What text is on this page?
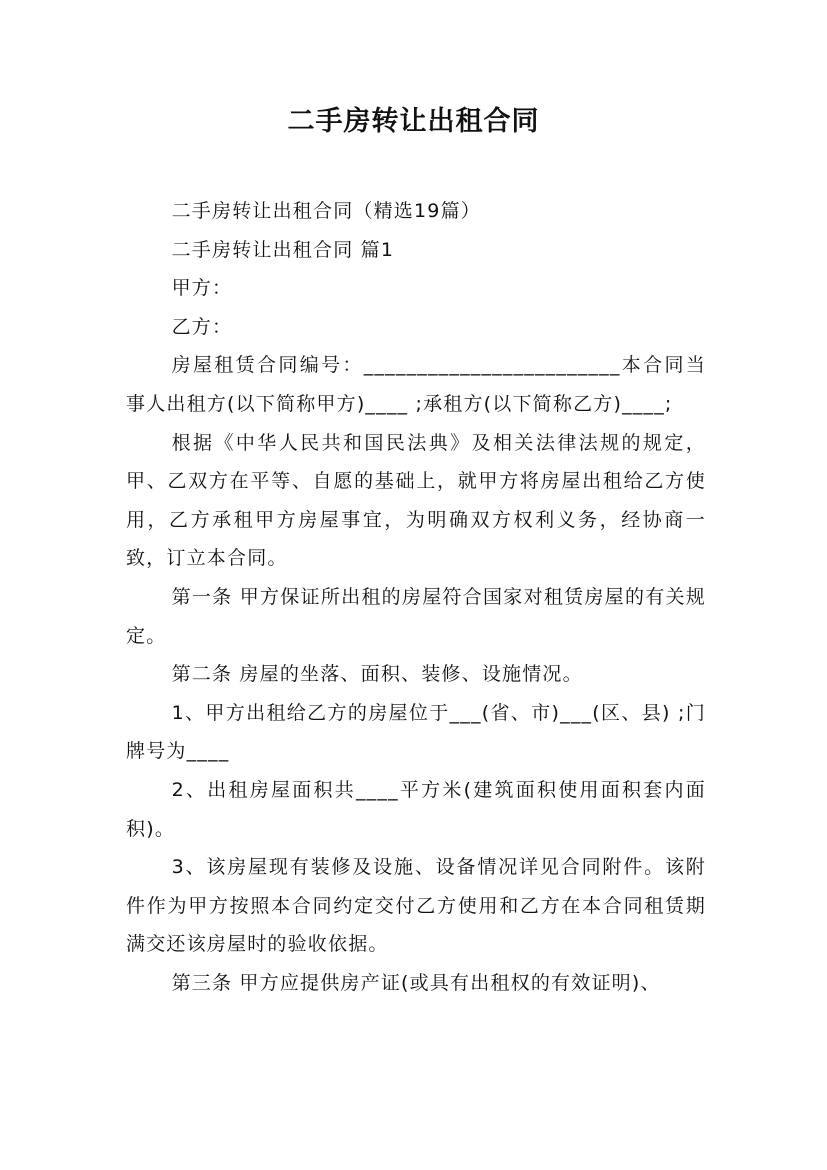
二手房转让出租合同

二手房转让出租合同（精选19篇）

二手房转让出租合同 篇1

甲方：

乙方：

房屋租赁合同编号：________________________本合同当事人出租方(以下简称甲方)____ ;承租方(以下简称乙方)____;

根据《中华人民共和国民法典》及相关法律法规的规定，甲、乙双方在平等、自愿的基础上，就甲方将房屋出租给乙方使用，乙方承租甲方房屋事宜，为明确双方权利义务，经协商一致，订立本合同。

第一条 甲方保证所出租的房屋符合国家对租赁房屋的有关规定。

第二条 房屋的坐落、面积、装修、设施情况。

1、甲方出租给乙方的房屋位于___(省、市)___(区、县) ;门牌号为____

2、出租房屋面积共____平方米(建筑面积使用面积套内面积)。

3、该房屋现有装修及设施、设备情况详见合同附件。该附件作为甲方按照本合同约定交付乙方使用和乙方在本合同租赁期满交还该房屋时的验收依据。

第三条 甲方应提供房产证(或具有出租权的有效证明)、
